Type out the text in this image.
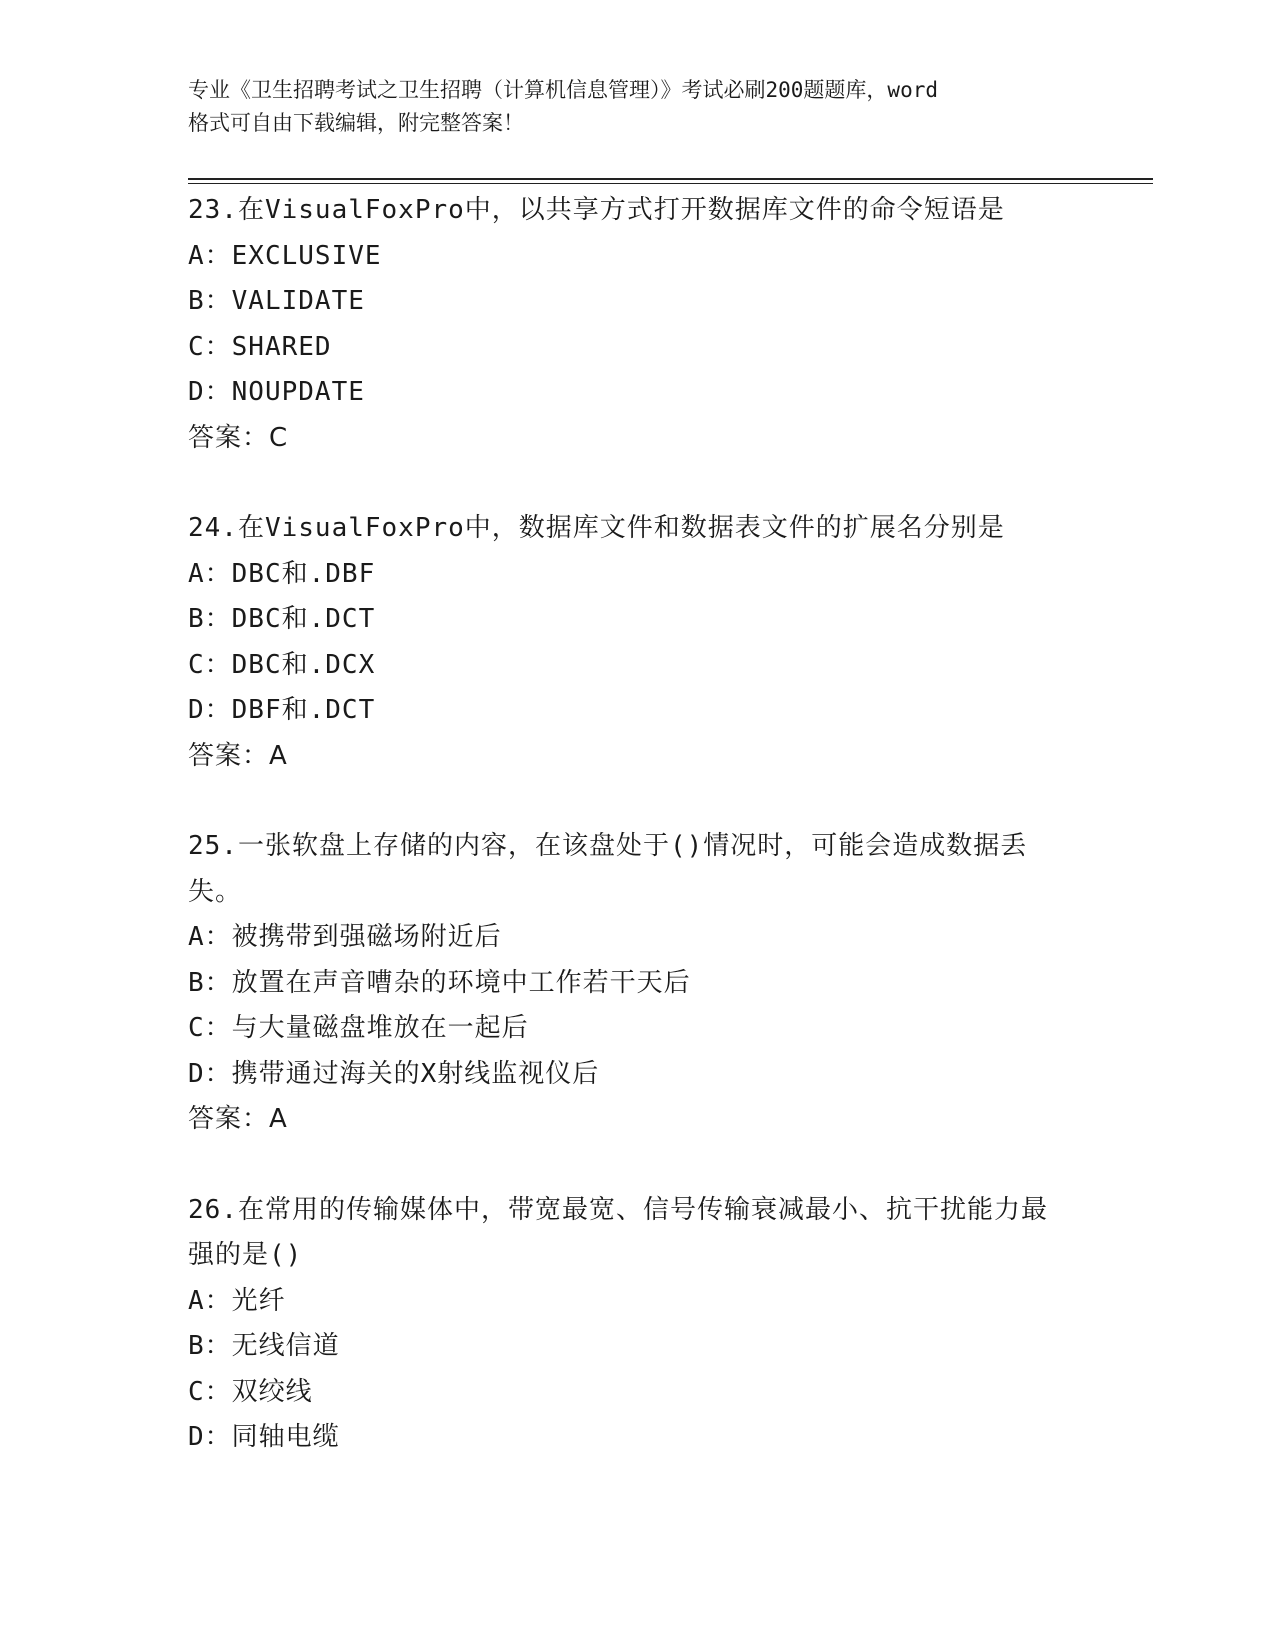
专业《卫生招聘考试之卫生招聘（计算机信息管理）》考试必刷200题题库，word
格式可自由下载编辑，附完整答案！
23.在VisualFoxPro中，以共享方式打开数据库文件的命令短语是
A：EXCLUSIVE
B：VALIDATE
C：SHARED
D：NOUPDATE
答案：C
24.在VisualFoxPro中，数据库文件和数据表文件的扩展名分别是
A：DBC和.DBF
B：DBC和.DCT
C：DBC和.DCX
D：DBF和.DCT
答案：A
25.一张软盘上存储的内容，在该盘处于()情况时，可能会造成数据丢失。
A：被携带到强磁场附近后
B：放置在声音嘈杂的环境中工作若干天后
C：与大量磁盘堆放在一起后
D：携带通过海关的X射线监视仪后
答案：A
26.在常用的传输媒体中，带宽最宽、信号传输衰减最小、抗干扰能力最强的是()
A：光纤
B：无线信道
C：双绞线
D：同轴电缆
